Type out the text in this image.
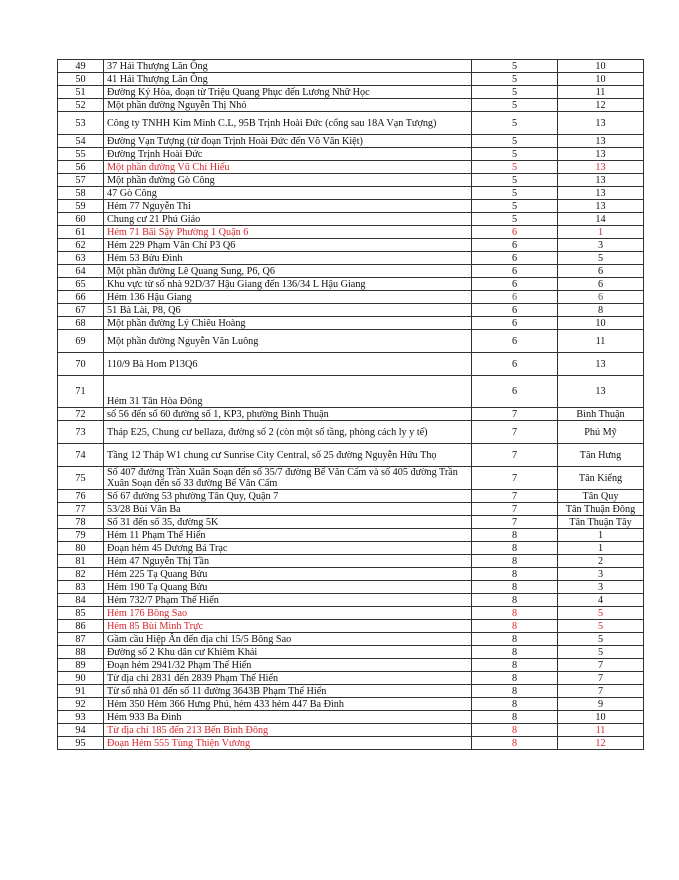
49	37 Hải Thượng Lãn Ông	5	10
50	41 Hải Thượng Lãn Ông	5	10
51	Đường Ký Hòa, đoạn từ Triệu Quang Phục đến Lương Nhữ Học	5	11
52	Một phần đường Nguyễn Thị Nhỏ	5	12
53	Công ty TNHH Kim Minh C.L, 95B Trịnh Hoài Đức (cổng sau 18A Vạn Tượng)	5	13
54	Đường Vạn Tượng (từ đoạn Trịnh Hoài Đức đến Võ Văn Kiệt)	5	13
55	Đường Trịnh Hoài Đức	5	13
56	Một phần đường Vũ Chí Hiếu	5	13
57	Một phần đường Gò Công	5	13
58	47 Gò Công	5	13
59	Hẻm 77 Nguyễn Thi	5	13
60	Chung cư 21 Phú Giáo	5	14
61	Hẻm 71 Bãi Sậy Phường 1 Quận 6	6	1
62	Hẻm 229 Phạm Văn Chí P3 Q6	6	3
63	Hẻm 53 Bửu Đình	6	5
64	Một phần đường Lê Quang Sung, P6, Q6	6	6
65	Khu vực từ số nhà 92D/37 Hậu Giang đến 136/34 L Hậu Giang	6	6
66	Hẻm 136 Hậu Giang	6	6
67	51 Bà Lài, P8, Q6	6	8
68	Một phần đường Lý Chiêu Hoàng	6	10
69	Một phần đường Nguyễn Văn Luông	6	11
70	110/9 Bà Hom P13Q6	6	13
71	Hẻm 31 Tân Hòa Đông	6	13
72	số 56 đến số 60 đường số 1, KP3, phường Bình Thuận	7	Bình Thuận
73	Tháp E25, Chung cư bellaza, đường số 2 (còn một số tầng, phòng cách ly y tế)	7	Phú Mỹ
74	Tầng 12 Tháp W1 chung cư Sunrise City Central, số 25 đường Nguyễn Hữu Thọ	7	Tân Hưng
75	Số 407 đường Trần Xuân Soạn đến số 35/7 đường Bế Văn Cấm và số 405 đường Trần Xuân Soạn đến số 33 đường Bế Văn Cấm	7	Tân Kiểng
76	Số 67 đường 53 phường Tân Quy, Quận 7	7	Tân Quy
77	53/28 Bùi Văn Ba	7	Tân Thuận Đông
78	Số 31 đến số 35, đường 5K	7	Tân Thuận Tây
79	Hẻm 11 Phạm Thế Hiển	8	1
80	Đoạn hẻm 45 Dương Bá Trạc	8	1
81	Hẻm 47 Nguyễn Thị Tần	8	2
82	Hẻm 225 Tạ Quang Bửu	8	3
83	Hẻm 190 Tạ Quang Bửu	8	3
84	Hẻm 732/7 Phạm Thế Hiển	8	4
85	Hẻm 176 Bông Sao	8	5
86	Hẻm 85 Bùi Minh Trực	8	5
87	Gầm cầu Hiệp Ân đến địa chỉ 15/5 Bông Sao	8	5
88	Đường số 2 Khu dân cư Khiêm Khải	8	5
89	Đoạn hẻm 2941/32 Phạm Thế Hiển	8	7
90	Từ địa chỉ 2831 đến 2839 Phạm Thế Hiển	8	7
91	Từ số nhà 01 đến số 11 đường 3643B Phạm Thế Hiển	8	7
92	Hẻm 350 Hẻm 366 Hưng Phú, hẻm 433 hẻm 447 Ba Đình	8	9
93	Hẻm 933 Ba Đình	8	10
94	Từ địa chỉ 185 đến 213 Bến Bình Đông	8	11
95	Đoạn Hẻm 555 Tùng Thiện Vương	8	12
